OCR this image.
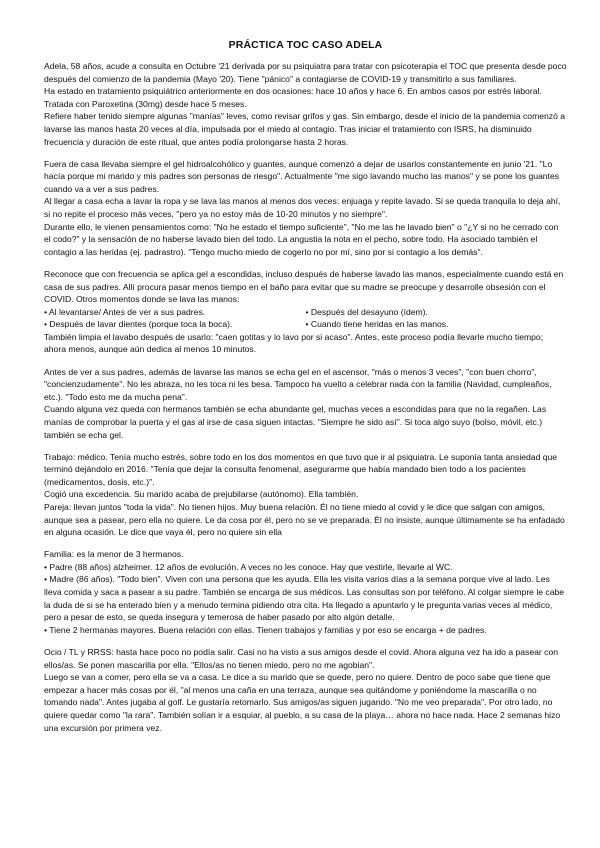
PRÁCTICA TOC CASO ADELA

Adela, 58 años, acude a consulta en Octubre '21 derivada por su psiquiatra para tratar con psicoterapia el TOC que presenta desde poco después del comienzo de la pandemia (Mayo '20). Tiene "pánico" a contagiarse de COVID-19 y transmitirlo a sus familiares.

Ha estado en tratamiento psiquiátrico anteriormente en dos ocasiones: hace 10 años y hace 6. En ambos casos por estrés laboral. Tratada con Paroxetina (30mg) desde hace 5 meses.

Refiere haber tenido siempre algunas "manías" leves, como revisar grifos y gas. Sin embargo, desde el inicio de la pandemia comenzó a lavarse las manos hasta 20 veces al día, impulsada por el miedo al contagio. Tras iniciar el tratamiento con ISRS, ha disminuido frecuencia y duración de este ritual, que antes podía prolongarse hasta 2 horas.

Fuera de casa llevaba siempre el gel hidroalcohólico y guantes, aunque comenzó a dejar de usarlos constantemente en junio '21. "Lo hacía porque mi marido y mis padres son personas de riesgo". Actualmente "me sigo lavando mucho las manos" y se pone los guantes cuando va a ver a sus padres.

Al llegar a casa echa a lavar la ropa y se lava las manos al menos dos veces: enjuaga y repite lavado. Si se queda tranquila lo deja ahí, si no repite el proceso más veces, "pero ya no estoy más de 10-20 minutos y no siempre".

Durante ello, le vienen pensamientos como: "No he estado el tiempo suficiente", "No me las he lavado bien" o "¿Y si no he cerrado con el codo?" y la sensación de no haberse lavado bien del todo. La angustia la nota en el pecho, sobre todo. Ha asociado también el contagio a las heridas (ej. padrastro). "Tengo mucho miedo de cogerlo no por mí, sino por si contagio a los demás".

Reconoce que con frecuencia se aplica gel a escondidas, incluso después de haberse lavado las manos, especialmente cuando está en casa de sus padres. Allí procura pasar menos tiempo en el baño para evitar que su madre se preocupe y desarrolle obsesión con el COVID. Otros momentos donde se lava las manos:

• Al levantarse/ Antes de ver a sus padres.	• Después del desayuno (ídem).
• Después de lavar dientes (porque toca la boca).	• Cuando tiene heridas en las manos.

También limpia el lavabo después de usarlo: "caen gotitas y lo lavo por si acaso". Antes, este proceso podía llevarle mucho tiempo; ahora menos, aunque aún dedica al menos 10 minutos.

Antes de ver a sus padres, además de lavarse las manos se echa gel en el ascensor, "más o menos 3 veces", "con buen chorro", "concienzudamente". No les abraza, no les toca ni les besa. Tampoco ha vuelto a celebrar nada con la familia (Navidad, cumpleaños, etc.). "Todo esto me da mucha pena".

Cuando alguna vez queda con hermanos también se echa abundante gel, muchas veces a escondidas para que no la regañen. Las manías de comprobar la puerta y el gas al irse de casa siguen intactas. "Siempre he sido así". Si toca algo suyo (bolso, móvil, etc.) también se echa gel.

Trabajo: médico. Tenía mucho estrés, sobre todo en los dos momentos en que tuvo que ir al psiquiatra. Le suponía tanta ansiedad que terminó dejándolo en 2016. "Tenía que dejar la consulta fenomenal, asegurarme que había mandado bien todo a los pacientes (medicamentos, dosis, etc.)".

Cogió una excedencia. Su marido acaba de prejubilarse (autónomo). Ella también.

Pareja: llevan juntos "toda la vida". No tienen hijos. Muy buena relación. Él no tiene miedo al covid y le dice que salgan con amigos, aunque sea a pasear, pero ella no quiere. Le da cosa por él, pero no se ve preparada. Él no insiste, aunque últimamente se ha enfadado en alguna ocasión. Le dice que vaya él, pero no quiere sin ella

Familia: es la menor de 3 hermanos.

• Padre (88 años) alzheimer. 12 años de evolución. A veces no les conoce. Hay que vestirle, llevarle al WC.

• Madre (86 años). "Todo bien". Viven con una persona que les ayuda. Ella les visita varios días a la semana porque vive al lado. Les lleva comida y saca a pasear a su padre. También se encarga de sus médicos. Las consultas son por teléfono. Al colgar siempre le cabe la duda de si se ha enterado bien y a menudo termina pidiendo otra cita. Ha llegado a apuntarlo y le pregunta varias veces al médico, pero a pesar de esto, se queda insegura y temerosa de haber pasado por alto algún detalle.

• Tiene 2 hermanas mayores. Buena relación con ellas. Tienen trabajos y familias y por eso se encarga + de padres.

Ocio / TL y RRSS: hasta hace poco no podía salir. Casi no ha visto a sus amigos desde el covid. Ahora alguna vez ha ido a pasear con ellos/as. Se ponen mascarilla por ella. "Ellos/as no tienen miedo, pero no me agobian".

Luego se van a comer, pero ella se va a casa. Le dice a su marido que se quede, pero no quiere. Dentro de poco sabe que tiene que empezar a hacer más cosas por él, "al menos una caña en una terraza, aunque sea quitándome y poniéndome la mascarilla o no tomando nada". Antes jugaba al golf. Le gustaría retomarlo. Sus amigos/as siguen jugando. "No me veo preparada". Por otro lado, no quiere quedar como "la rara". También solían ir a esquiar, al pueblo, a su casa de la playa… ahora no hace nada. Hace 2 semanas hizo una excursión por primera vez.
